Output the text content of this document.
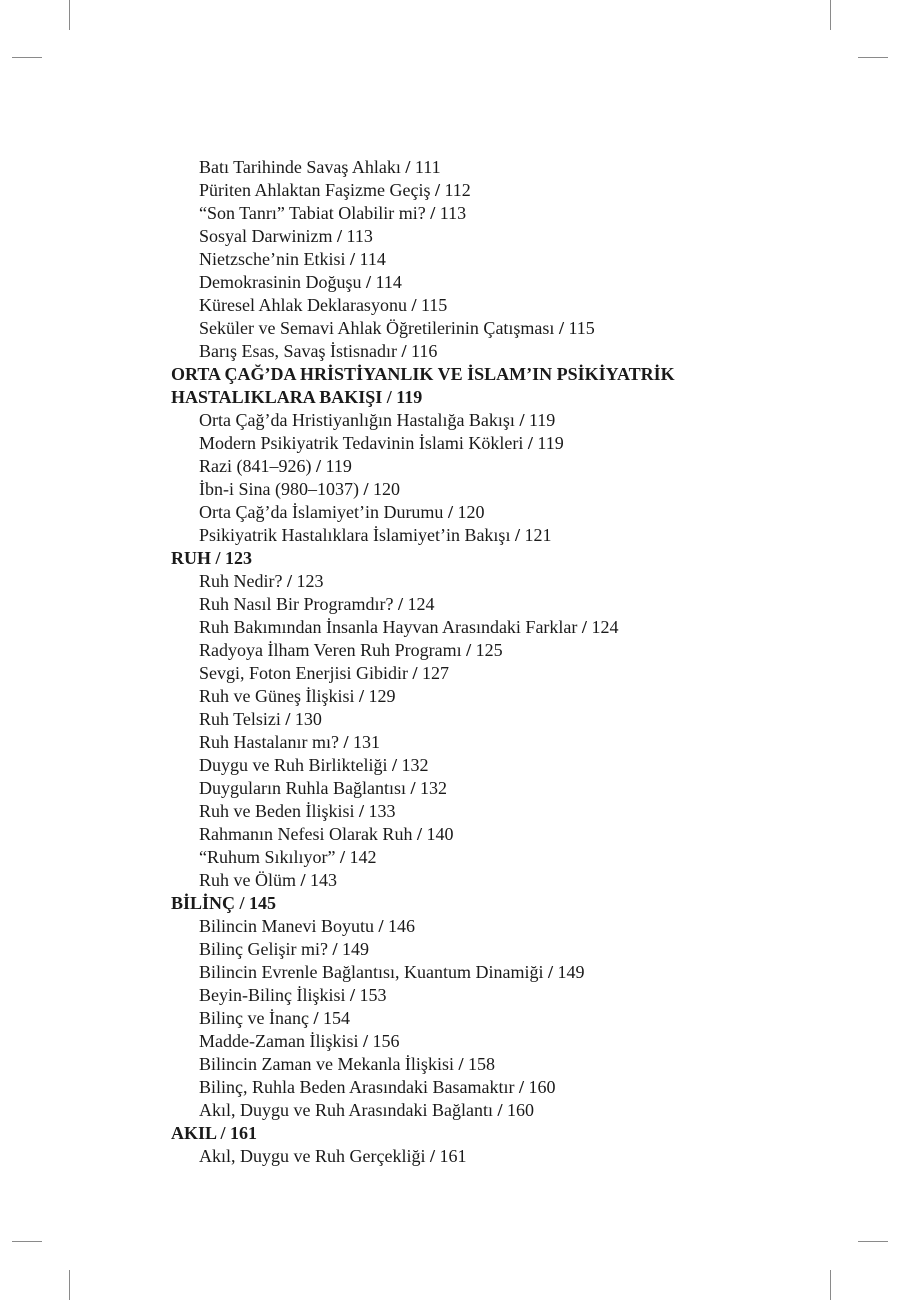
Batı Tarihinde Savaş Ahlakı / 111
Püriten Ahlaktan Faşizme Geçiş / 112
“Son Tanrı” Tabiat Olabilir mi? / 113
Sosyal Darwinizm / 113
Nietzsche’nin Etkisi / 114
Demokrasinin Doğuşu / 114
Küresel Ahlak Deklarasyonu / 115
Seküler ve Semavi Ahlak Öğretilerinin Çatışması / 115
Barış Esas, Savaş İstisnadır / 116
ORTA ÇAĞ’DA HRİSTİYANLIK VE İSLAM’IN PSİKİYATRİK
HASTALIKLARA BAKIŞI / 119
Orta Çağ’da Hristiyanlığın Hastalığa Bakışı / 119
Modern Psikiyatrik Tedavinin İslami Kökleri / 119
Razi (841–926) / 119
İbn-i Sina (980–1037) / 120
Orta Çağ’da İslamiyet’in Durumu / 120
Psikiyatrik Hastalıklara İslamiyet’in Bakışı / 121
RUH / 123
Ruh Nedir? / 123
Ruh Nasıl Bir Programdır? / 124
Ruh Bakımından İnsanla Hayvan Arasındaki Farklar / 124
Radyoya İlham Veren Ruh Programı / 125
Sevgi, Foton Enerjisi Gibidir / 127
Ruh ve Güneş İlişkisi / 129
Ruh Telsizi / 130
Ruh Hastalanır mı? / 131
Duygu ve Ruh Birlikteliği / 132
Duyguların Ruhla Bağlantısı / 132
Ruh ve Beden İlişkisi / 133
Rahmanın Nefesi Olarak Ruh / 140
“Ruhum Sıkılıyor” / 142
Ruh ve Ölüm / 143
BİLİNÇ / 145
Bilincin Manevi Boyutu / 146
Bilinç Gelişir mi? / 149
Bilincin Evrenle Bağlantısı, Kuantum Dinamiği / 149
Beyin-Bilinç İlişkisi / 153
Bilinç ve İnanç / 154
Madde-Zaman İlişkisi / 156
Bilincin Zaman ve Mekanla İlişkisi / 158
Bilinç, Ruhla Beden Arasındaki Basamaktır / 160
Akıl, Duygu ve Ruh Arasındaki Bağlantı / 160
AKIL / 161
Akıl, Duygu ve Ruh Gerçekliği / 161
